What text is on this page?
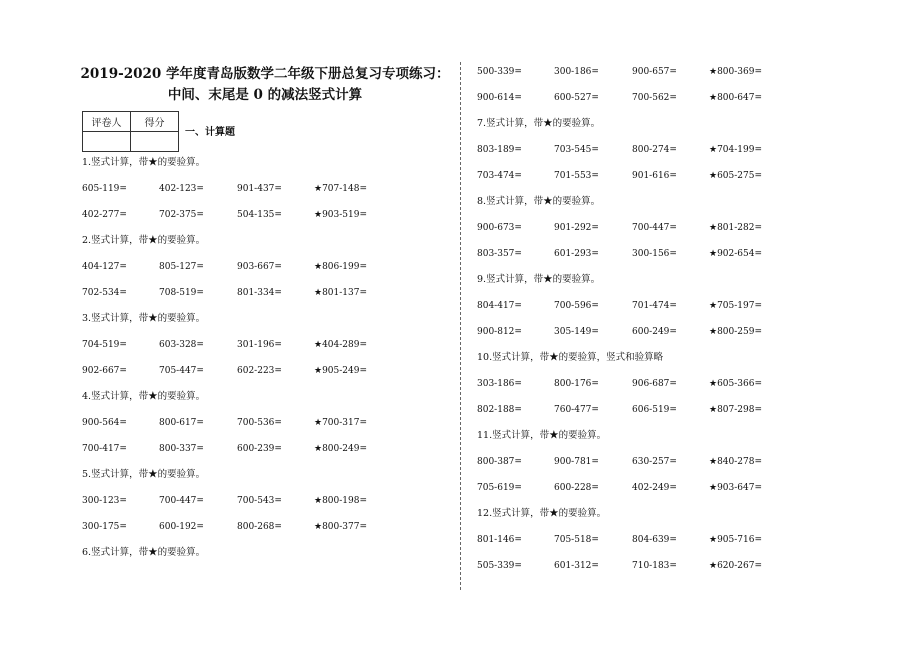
2019-2020 学年度青岛版数学二年级下册总复习专项练习：
中间、末尾是 0 的减法竖式计算
评卷人	得分

一、计算题
1.竖式计算，带★的要验算。
605-119=	402-123=	901-437=	★707-148=
402-277=	702-375=	504-135=	★903-519=
2.竖式计算，带★的要验算。
404-127=	805-127=	903-667=	★806-199=
702-534=	708-519=	801-334=	★801-137=
3.竖式计算，带★的要验算。
704-519=	603-328=	301-196=	★404-289=
902-667=	705-447=	602-223=	★905-249=
4.竖式计算，带★的要验算。
900-564=	800-617=	700-536=	★700-317=
700-417=	800-337=	600-239=	★800-249=
5.竖式计算，带★的要验算。
300-123=	700-447=	700-543=	★800-198=
300-175=	600-192=	800-268=	★800-377=
6.竖式计算，带★的要验算。
500-339=	300-186=	900-657=	★800-369=
900-614=	600-527=	700-562=	★800-647=
7.竖式计算，带★的要验算。
803-189=	703-545=	800-274=	★704-199=
703-474=	701-553=	901-616=	★605-275=
8.竖式计算，带★的要验算。
900-673=	901-292=	700-447=	★801-282=
803-357=	601-293=	300-156=	★902-654=
9.竖式计算，带★的要验算。
804-417=	700-596=	701-474=	★705-197=
900-812=	305-149=	600-249=	★800-259=
10.竖式计算，带★的要验算，竖式和验算略
303-186=	800-176=	906-687=	★605-366=
802-188=	760-477=	606-519=	★807-298=
11.竖式计算，带★的要验算。
800-387=	900-781=	630-257=	★840-278=
705-619=	600-228=	402-249=	★903-647=
12.竖式计算，带★的要验算。
801-146=	705-518=	804-639=	★905-716=
505-339=	601-312=	710-183=	★620-267=
